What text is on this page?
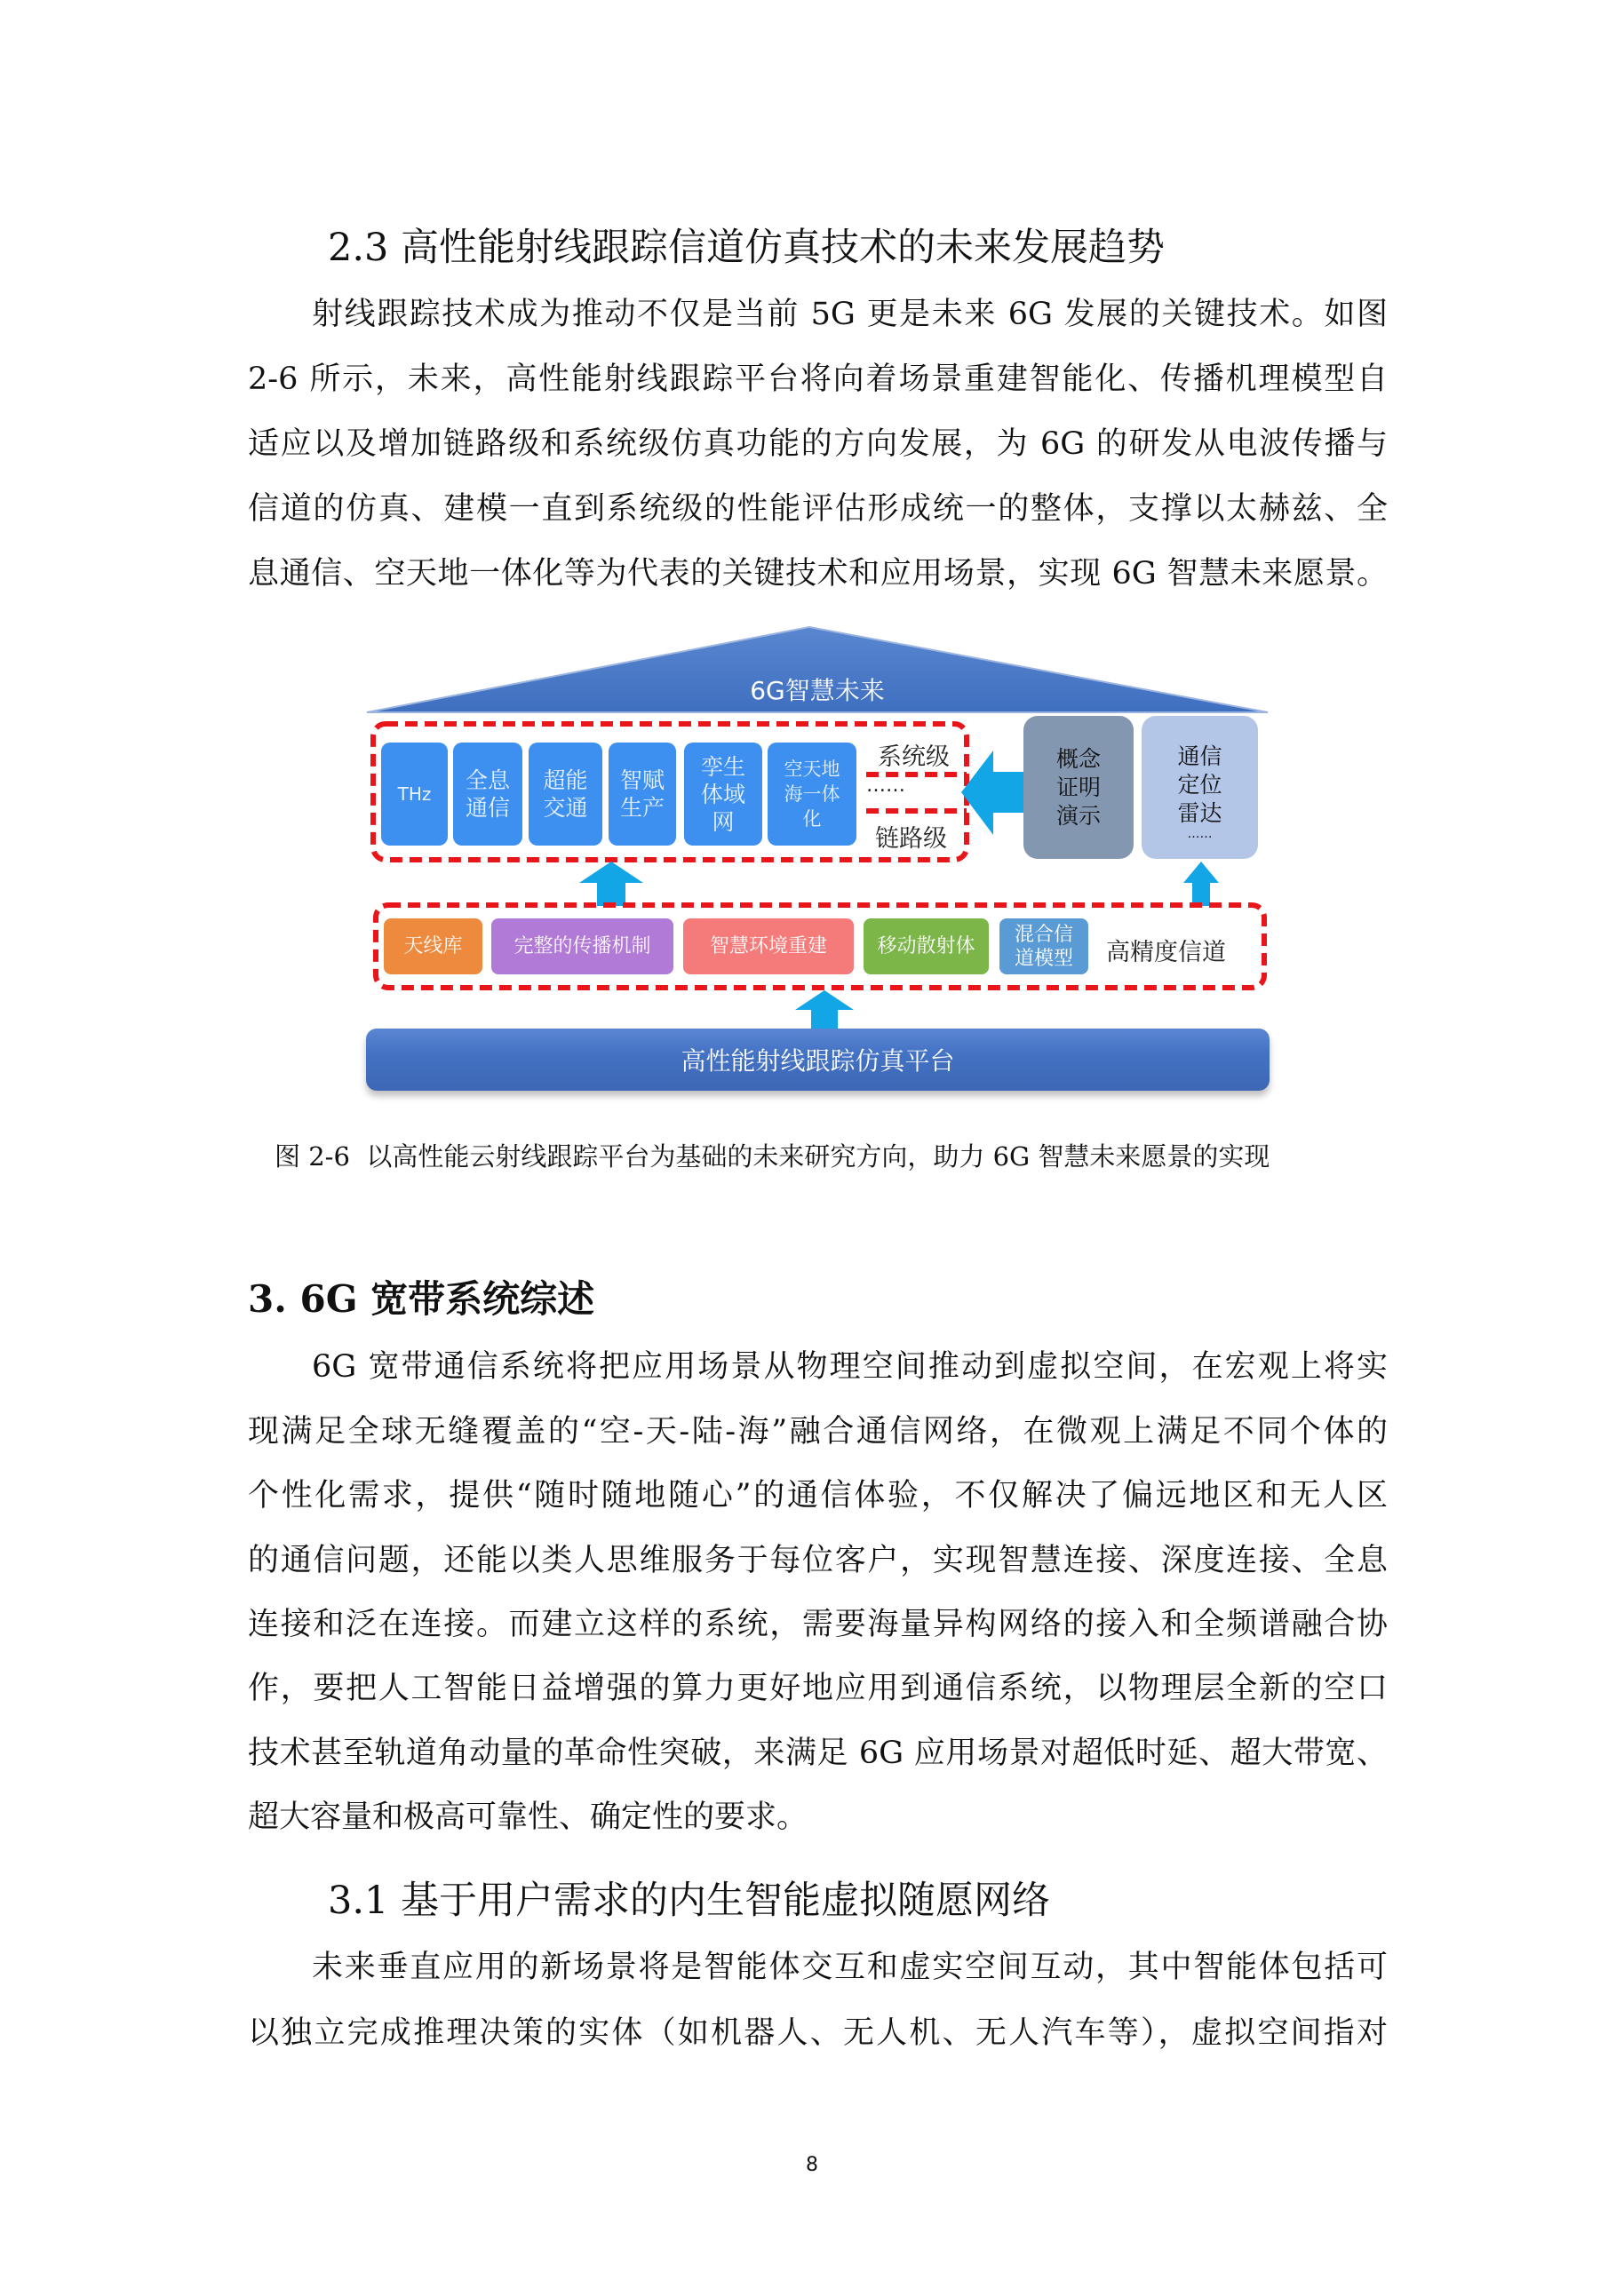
2.3 高性能射线跟踪信道仿真技术的未来发展趋势
射线跟踪技术成为推动不仅是当前 5G 更是未来 6G 发展的关键技术。如图
2-6 所示，未来，高性能射线跟踪平台将向着场景重建智能化、传播机理模型自
适应以及增加链路级和系统级仿真功能的方向发展，为 6G 的研发从电波传播与
信道的仿真、建模一直到系统级的性能评估形成统一的整体，支撑以太赫兹、全
息通信、空天地一体化等为代表的关键技术和应用场景，实现 6G 智慧未来愿景。
6G智慧未来
THz
全息
通信
超能
交通
智赋
生产
孪生
体域
网
空天地
海一体
化
系统级
……
链路级
概念
证明
演示
通信
定位
雷达
……
天线库	完整的传播机制	智慧环境重建	移动散射体
混合信
道模型	高精度信道
高性能射线跟踪仿真平台
图 2-6  以高性能云射线跟踪平台为基础的未来研究方向，助力 6G 智慧未来愿景的实现
3. 6G 宽带系统综述
6G 宽带通信系统将把应用场景从物理空间推动到虚拟空间，在宏观上将实
现满足全球无缝覆盖的“空-天-陆-海”融合通信网络，在微观上满足不同个体的
个性化需求，提供“随时随地随心”的通信体验，不仅解决了偏远地区和无人区
的通信问题，还能以类人思维服务于每位客户，实现智慧连接、深度连接、全息
连接和泛在连接。而建立这样的系统，需要海量异构网络的接入和全频谱融合协
作，要把人工智能日益增强的算力更好地应用到通信系统，以物理层全新的空口
技术甚至轨道角动量的革命性突破，来满足 6G 应用场景对超低时延、超大带宽、
超大容量和极高可靠性、确定性的要求。
3.1 基于用户需求的内生智能虚拟随愿网络
未来垂直应用的新场景将是智能体交互和虚实空间互动，其中智能体包括可
以独立完成推理决策的实体（如机器人、无人机、无人汽车等），虚拟空间指对
8
